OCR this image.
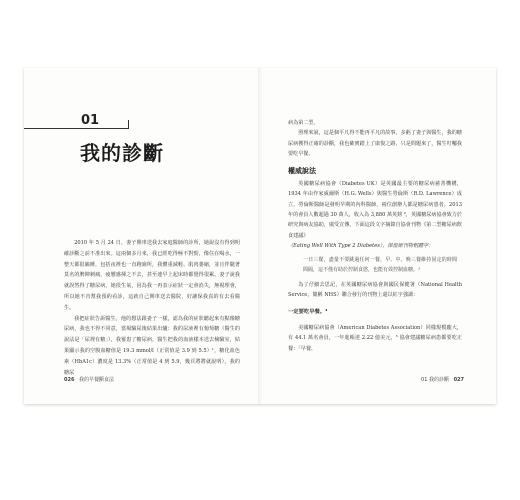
01
我的診斷

2010 年 5 月 24 日，妻子開車送我去家庭醫師的診所，她說沒有得到明確診斷之前不准出來。這兩個多月來，我已經吃得極不對勁，像住在喝水，一整天都很瞌睡，包括夜裡也一直跑廁所，我體重減輕、肌肉萎縮，並且伴隨著莫名的脾陣刺痛，疲憊感揮之不去，甚至連早上起床時都覺得很累。妻子說我就誤然得了糖尿病，她很生氣，因為我一再表示症狀一定會消失，無視理會，所以她不肯幫我預約看診，這就自己開車送去醫院，好讓保我真的有去看醫生。

我把症狀告訴醫生，他的想法跟妻子一樣，認為我的症狀聽起來有點像糖尿病，我也不得不同意，當場驗尿後結果出爐：我的尿液裡有葡萄糖（醫生的說法是「尿裡有糖」），我罹患了糖尿病，醫生把我的血液樣本送去檢驗室，結果顯示我的空腹血糖值是 19.3 mmol/l（正常值是 3.9 到 5.5）¹，糖化血色素（HbA1c）濃度是 13.3%（正常值是 4 到 5.9，幾頁將將就說明），我的糖尿

026 我的早餐斷食法

病為第二型。

照理來說，這是個平凡得不能再平凡的故事，多虧了妻子與醫生，我的糖尿病獲得正確的診斷，我也確實踏上了康復之路，只是問題來了，醫生叮囑我要吃早餐。

權威說法

英國糖尿病協會（Diabetes UK）是英國最主要的糖尿病慈善機構，1934 年由作家威爾斯（H.G. Wells）與醫生勞倫斯（R.D. Lawrence）成立，勞倫斯醫師是發明早期的內科醫師，兩位創辦人都是糖尿病患者。2013 年的會員人數超過 30 萬人，收入為 3,880 萬英鎊 ²，英國糖尿病協會致力於研究與病友協助，廣受宣傳。下面這段文字摘錄自協會刊物《第二型糖尿病飲食建議》

（Eating Well With Type 2 Diabetes），保留原刊物粗體字：

一日三餐，盡量不要跳過任何一餐，早、中、晚三餐維持固定的時間間隔，這不僅有助於控制食慾，也能有效控制血糖。³

為了仔細去思記，在英國糖尿病協會與國民保健署（National Health Service，簡稱 NHS）聯合發行的刊物上還以紅字強調：

一定要吃早餐。⁴

美國糖尿病協會（American Diabetes Association）同樣規模龐大，有 44.1 萬名會員，一年進帳達 2.22 億美元，⁵ 協會建議糖尿病患都要吃正餐：「早餐、

01 我的診斷 027
